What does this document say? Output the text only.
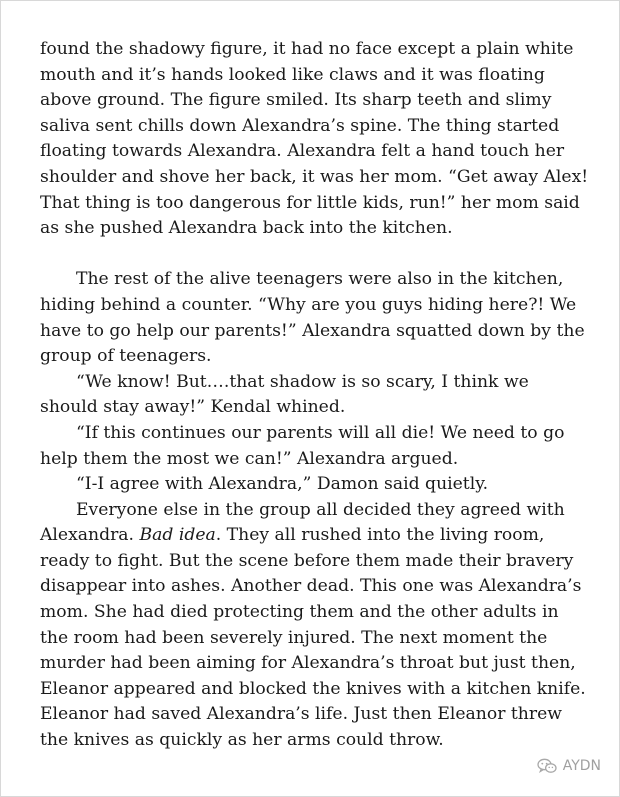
found the shadowy figure, it had no face except a plain white
mouth and it’s hands looked like claws and it was floating
above ground. The figure smiled. Its sharp teeth and slimy
saliva sent chills down Alexandra’s spine. The thing started
floating towards Alexandra. Alexandra felt a hand touch her
shoulder and shove her back, it was her mom. “Get away Alex!
That thing is too dangerous for little kids, run!” her mom said
as she pushed Alexandra back into the kitchen.
The rest of the alive teenagers were also in the kitchen,
hiding behind a counter. “Why are you guys hiding here?! We
have to go help our parents!” Alexandra squatted down by the
group of teenagers.
“We know! But….that shadow is so scary, I think we
should stay away!” Kendal whined.
“If this continues our parents will all die! We need to go
help them the most we can!” Alexandra argued.
“I-I agree with Alexandra,” Damon said quietly.
Everyone else in the group all decided they agreed with
Alexandra. Bad idea. They all rushed into the living room,
ready to fight. But the scene before them made their bravery
disappear into ashes. Another dead. This one was Alexandra’s
mom. She had died protecting them and the other adults in
the room had been severely injured. The next moment the
murder had been aiming for Alexandra’s throat but just then,
Eleanor appeared and blocked the knives with a kitchen knife.
Eleanor had saved Alexandra’s life. Just then Eleanor threw
the knives as quickly as her arms could throw.
AYDN
